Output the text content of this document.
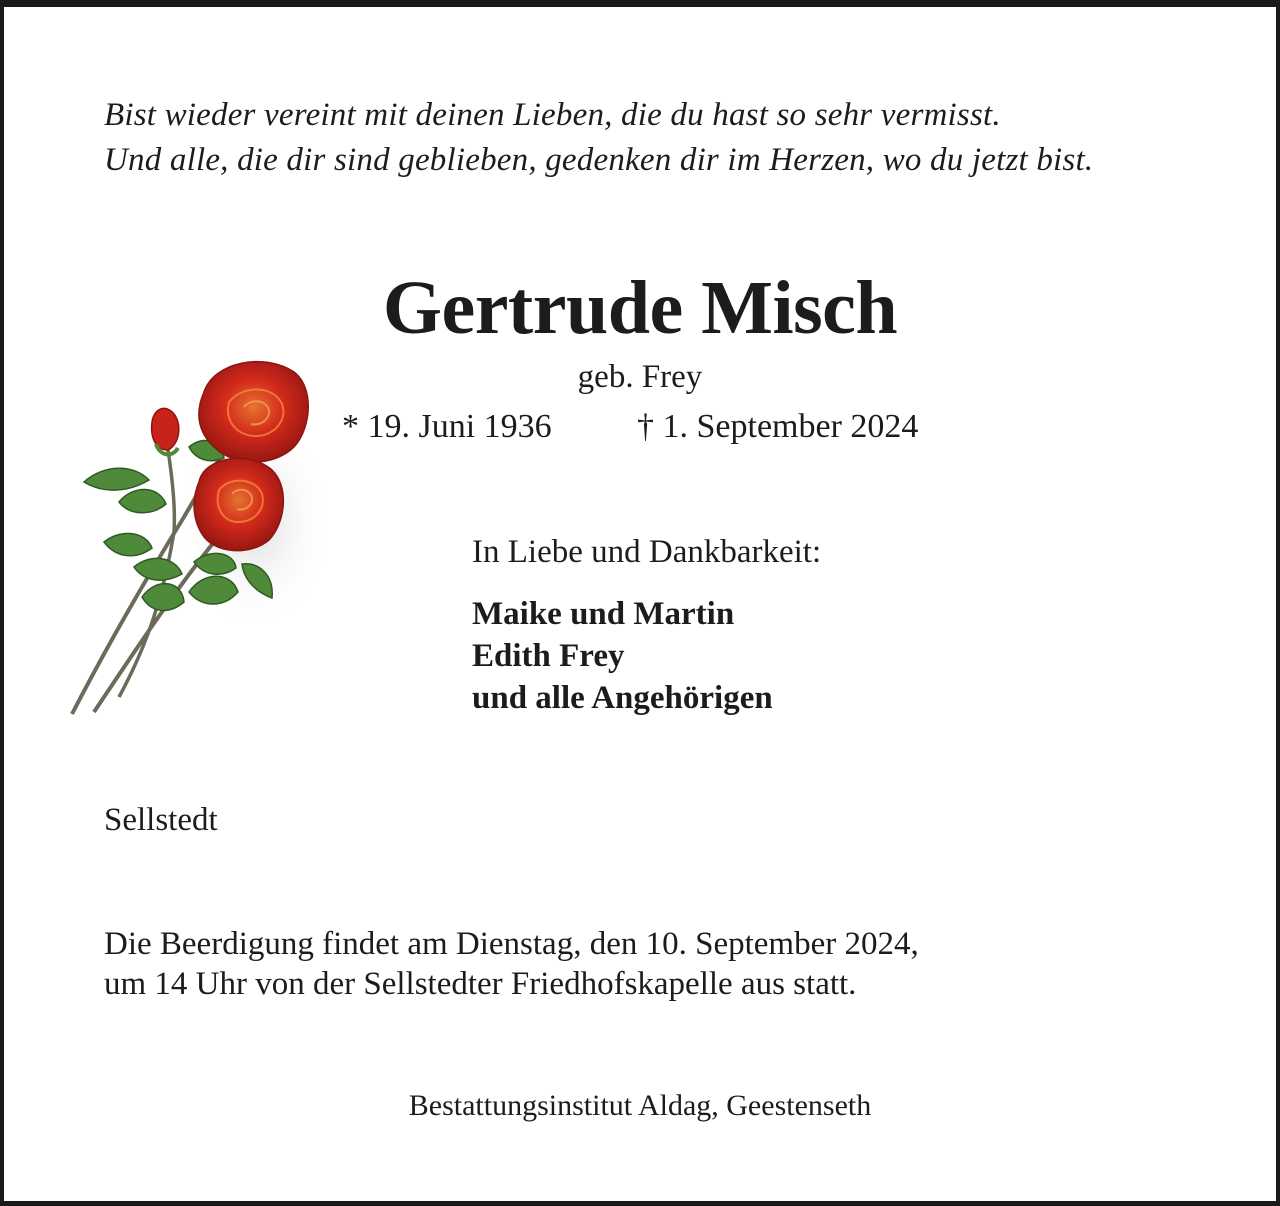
Bist wieder vereint mit deinen Lieben, die du hast so sehr vermisst.
Und alle, die dir sind geblieben, gedenken dir im Herzen, wo du jetzt bist.
Gertrude Misch
geb. Frey
* 19. Juni 1936	† 1. September 2024
In Liebe und Dankbarkeit:
Maike und Martin
Edith Frey
und alle Angehörigen
Sellstedt
Die Beerdigung findet am Dienstag, den 10. September 2024,
um 14 Uhr von der Sellstedter Friedhofskapelle aus statt.
Bestattungsinstitut Aldag, Geestenseth
